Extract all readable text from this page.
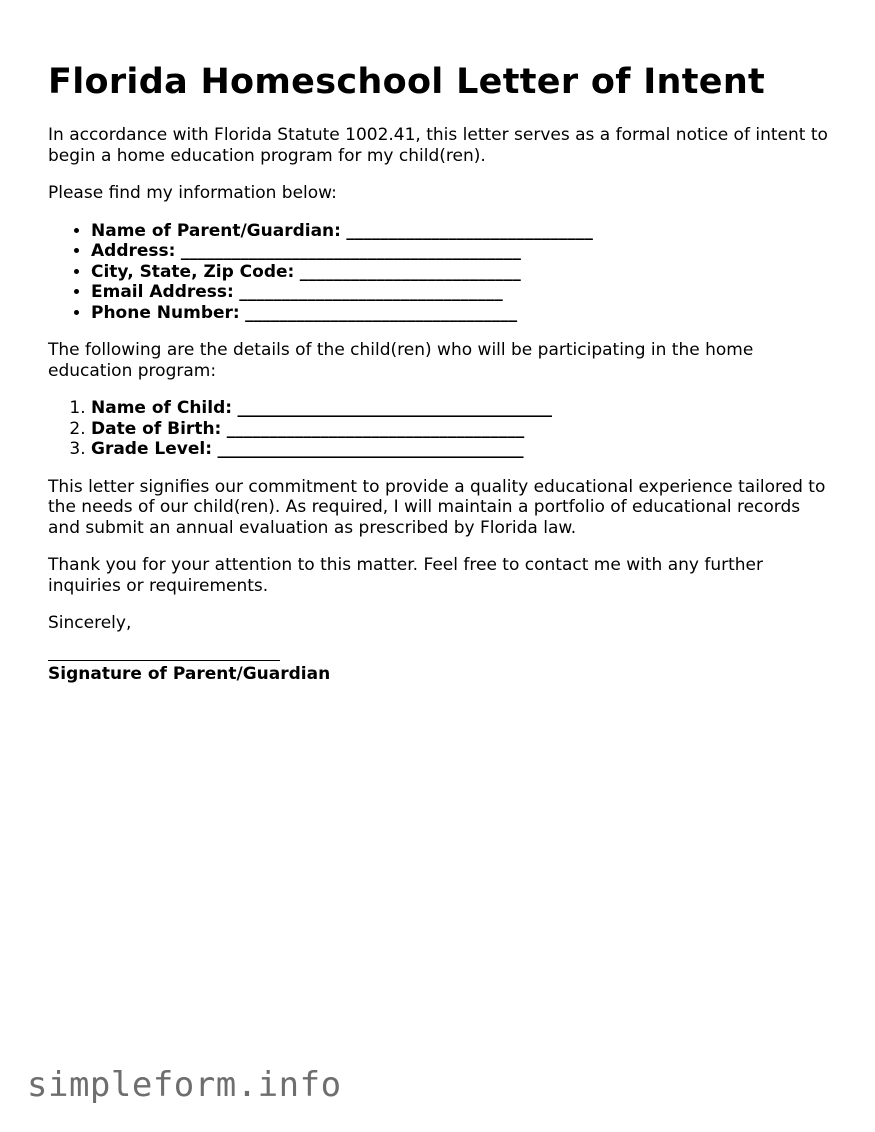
Florida Homeschool Letter of Intent

In accordance with Florida Statute 1002.41, this letter serves as a formal notice of intent to begin a home education program for my child(ren).

Please find my information below:

• Name of Parent/Guardian: _____________________________
• Address: ________________________________________
• City, State, Zip Code: __________________________
• Email Address: _______________________________
• Phone Number: ________________________________

The following are the details of the child(ren) who will be participating in the home education program:

1. Name of Child: _____________________________________
2. Date of Birth: ___________________________________
3. Grade Level: ____________________________________

This letter signifies our commitment to provide a quality educational experience tailored to the needs of our child(ren). As required, I will maintain a portfolio of educational records and submit an annual evaluation as prescribed by Florida law.

Thank you for your attention to this matter. Feel free to contact me with any further inquiries or requirements.

Sincerely,

Signature of Parent/Guardian
simpleform.info
